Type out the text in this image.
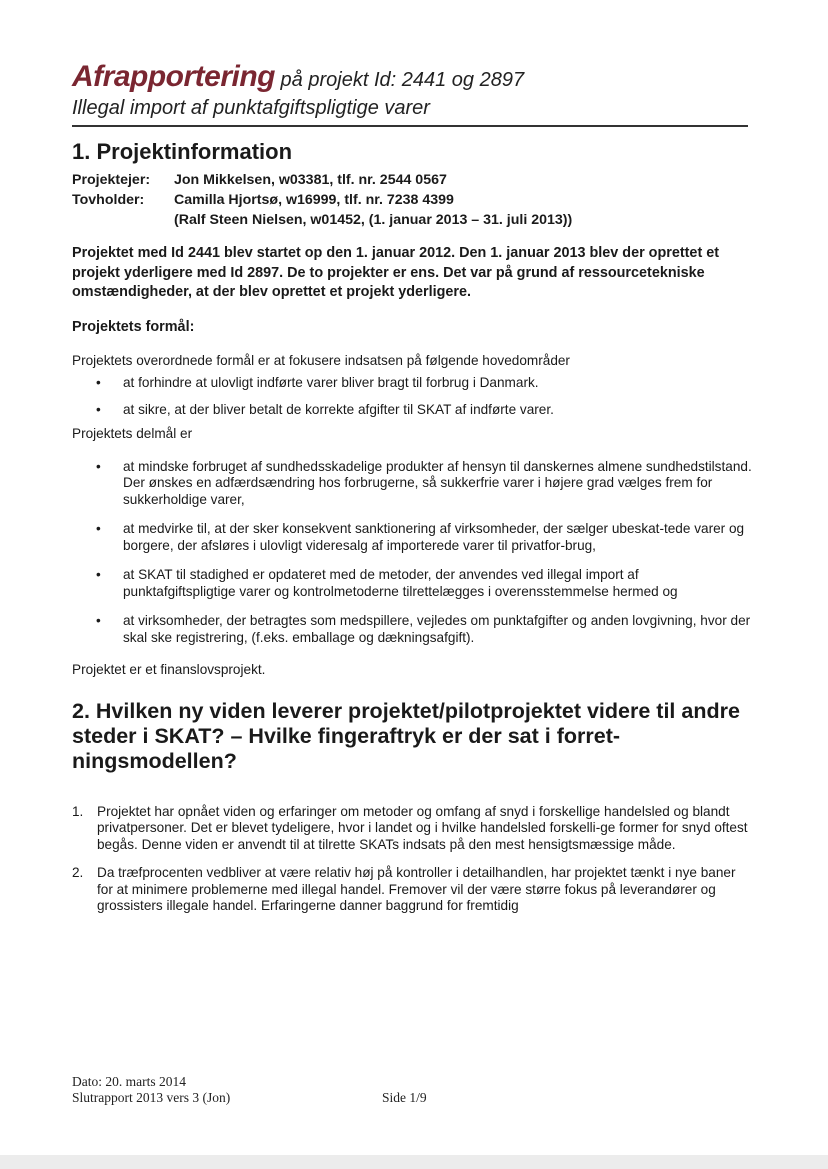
Afrapportering på projekt Id: 2441 og 2897
Illegal import af punktafgiftspligtige varer
1. Projektinformation
Projektejer:	Jon Mikkelsen, w03381, tlf. nr. 2544 0567
Tovholder:	Camilla Hjortsø, w16999, tlf. nr. 7238 4399
(Ralf Steen Nielsen, w01452, (1. januar 2013 – 31. juli 2013))
Projektet med Id 2441 blev startet op den 1. januar 2012. Den 1. januar 2013 blev der oprettet et projekt yderligere med Id 2897. De to projekter er ens. Det var på grund af ressourcetekniske omstændigheder, at der blev oprettet et projekt yderligere.
Projektets formål:

Projektets overordnede formål er at fokusere indsatsen på følgende hovedområder

• at forhindre at ulovligt indførte varer bliver bragt til forbrug i Danmark.
• at sikre, at der bliver betalt de korrekte afgifter til SKAT af indførte varer.

Projektets delmål er

• at mindske forbruget af sundhedsskadelige produkter af hensyn til danskernes almene sundhedstilstand. Der ønskes en adfærdsændring hos forbrugerne, så sukkerfrie varer i højere grad vælges frem for sukkerholdige varer,
• at medvirke til, at der sker konsekvent sanktionering af virksomheder, der sælger ubeskat-tede varer og borgere, der afsløres i ulovligt videresalg af importerede varer til privatfor-brug,
• at SKAT til stadighed er opdateret med de metoder, der anvendes ved illegal import af punktafgiftspligtige varer og kontrolmetoderne tilrettelægges i overensstemmelse hermed og
• at virksomheder, der betragtes som medspillere, vejledes om punktafgifter og anden lovgivning, hvor der skal ske registrering, (f.eks. emballage og dækningsafgift).

Projektet er et finanslovsprojekt.

2. Hvilken ny viden leverer projektet/pilotprojektet videre til andre steder i SKAT? – Hvilke fingeraftryk er der sat i forret-ningsmodellen?
1. Projektet har opnået viden og erfaringer om metoder og omfang af snyd i forskellige handelsled og blandt privatpersoner. Det er blevet tydeligere, hvor i landet og i hvilke handelsled forskelli-ge former for snyd oftest begås. Denne viden er anvendt til at tilrette SKATs indsats på den mest hensigtsmæssige måde.
2. Da træfprocenten vedbliver at være relativ høj på kontroller i detailhandlen, har projektet tænkt i nye baner for at minimere problemerne med illegal handel. Fremover vil der være større fokus på leverandører og grossisters illegale handel. Erfaringerne danner baggrund for fremtidig
Dato: 20. marts 2014
Slutrapport 2013 vers 3 (Jon)	Side 1/9
